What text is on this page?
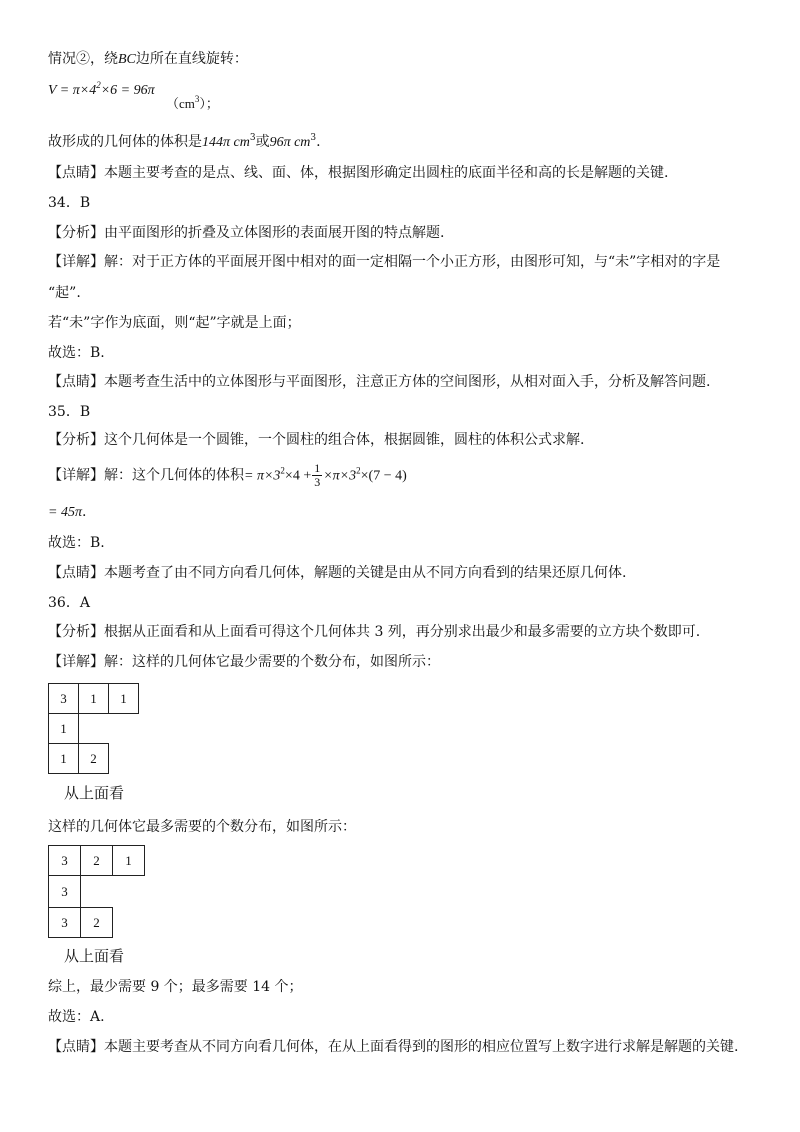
情况②，绕BC边所在直线旋转：
$V = \pi\times 4^2\times 6 = 96\pi$
$(cm^3)$；
故形成的几何体的体积是144π $cm^3$或96π $cm^3$.
【点睛】本题主要考查的是点、线、面、体，根据图形确定出圆柱的底面半径和高的长是解题的关键.
34．B
【分析】由平面图形的折叠及立体图形的表面展开图的特点解题.
【详解】解：对于正方体的平面展开图中相对的面一定相隔一个小正方形，由图形可知，与“未”字相对的字是
“起”.
若“未”字作为底面，则“起”字就是上面；
故选：B.
【点睛】本题考查生活中的立体图形与平面图形，注意正方体的空间图形，从相对面入手，分析及解答问题.
35．B
【分析】这个几何体是一个圆锥，一个圆柱的组合体，根据圆锥，圆柱的体积公式求解.
【详解】解：这个几何体的体积= $\pi\times 3^2\times 4 + \frac{1}{3} \times\pi\times 3^2\times(7 - 4)$
= 45π.
故选：B.
【点睛】本题考查了由不同方向看几何体，解题的关键是由从不同方向看到的结果还原几何体.
36．A
【分析】根据从正面看和从上面看可得这个几何体共 3 列，再分别求出最少和最多需要的立方块个数即可.
【详解】解：这样的几何体它最少需要的个数分布，如图所示：
3	1	1
1
1	2
从上面看
这样的几何体它最多需要的个数分布，如图所示：
3	2	1
3
3	2
从上面看
综上，最少需要 9 个；最多需要 14 个；
故选：A.
【点睛】本题主要考查从不同方向看几何体，在从上面看得到的图形的相应位置写上数字进行求解是解题的关键.
